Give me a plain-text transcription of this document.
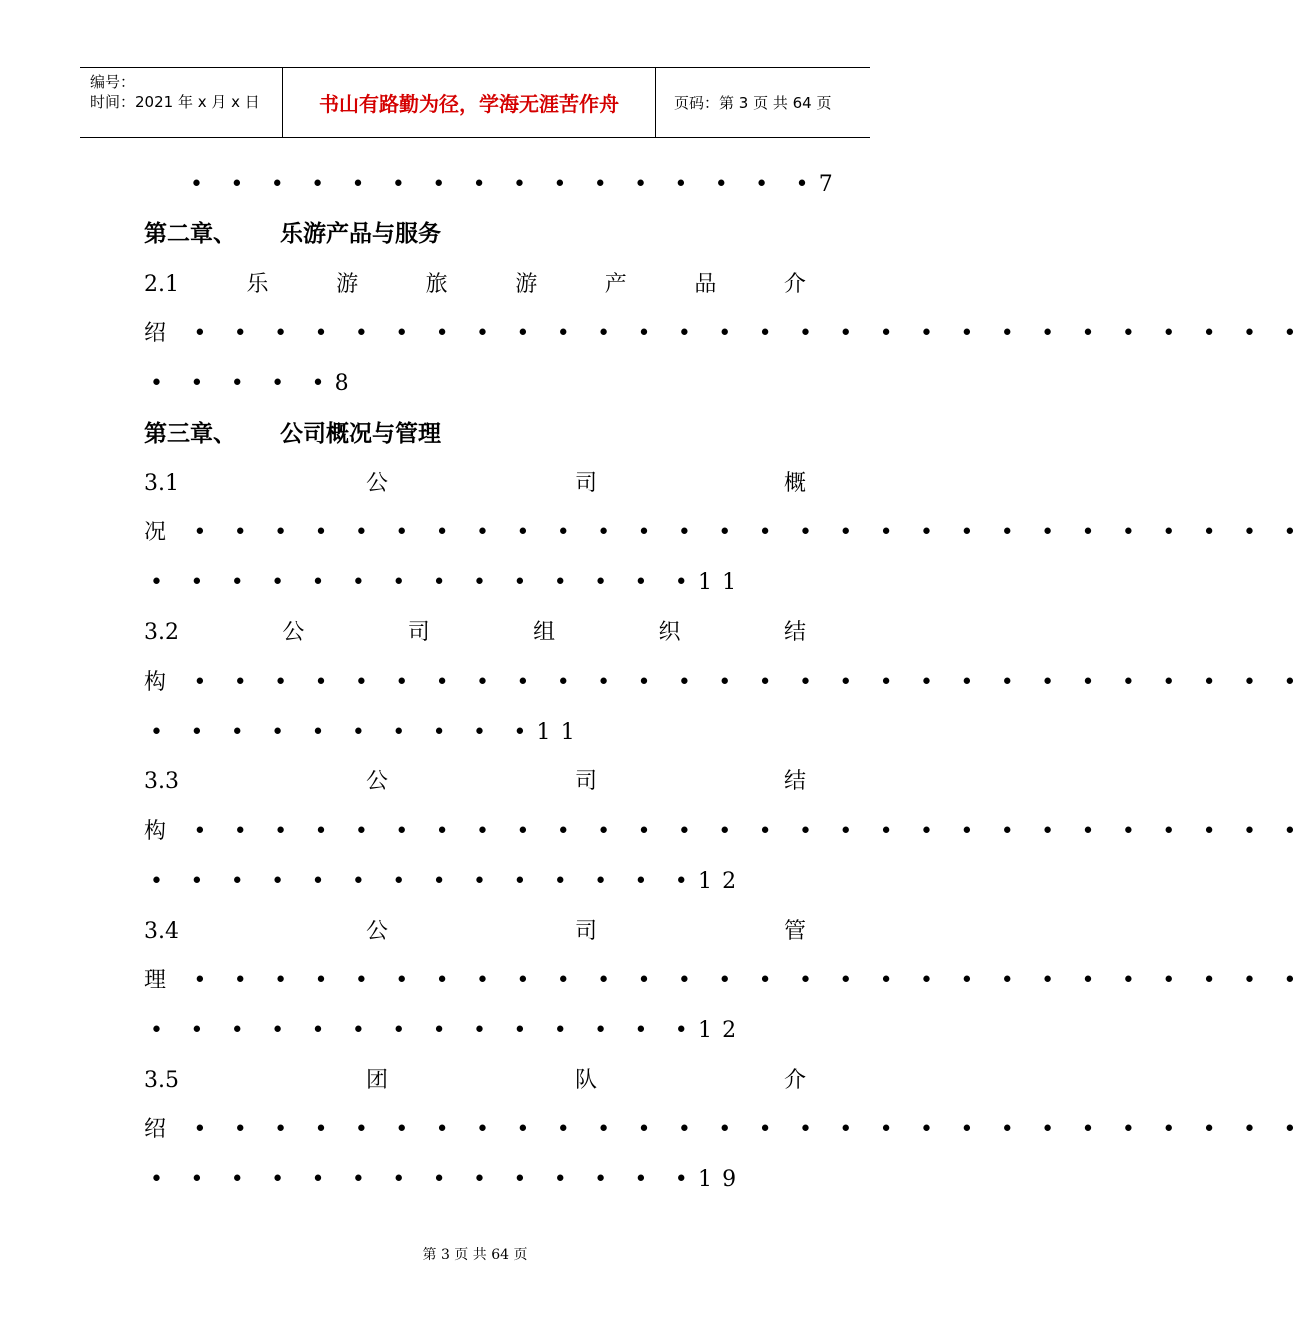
编号：
时间：2021 年 x 月 x 日	书山有路勤为径，学海无涯苦作舟	页码：第 3 页 共 64 页
• • • • • • • • • • • • • • • •7
第二章、 乐游产品与服务
2.1	乐	游	旅	游	产	品	介
绍 • • • • • • • • • • • • • • • • • • • • • • • • • • • •
• • • • •8
第三章、 公司概况与管理
3.1	公	司	概
况 • • • • • • • • • • • • • • • • • • • • • • • • • • • •
• • • • • • • • • • • • • •11
3.2	公	司	组	织	结
构 • • • • • • • • • • • • • • • • • • • • • • • • • • • •
• • • • • • • • • •11
3.3	公	司	结
构 • • • • • • • • • • • • • • • • • • • • • • • • • • • •
• • • • • • • • • • • • • •12
3.4	公	司	管
理 • • • • • • • • • • • • • • • • • • • • • • • • • • • •
• • • • • • • • • • • • • •12
3.5	团	队	介
绍 • • • • • • • • • • • • • • • • • • • • • • • • • • • •
• • • • • • • • • • • • • •19
第 3 页 共 64 页
